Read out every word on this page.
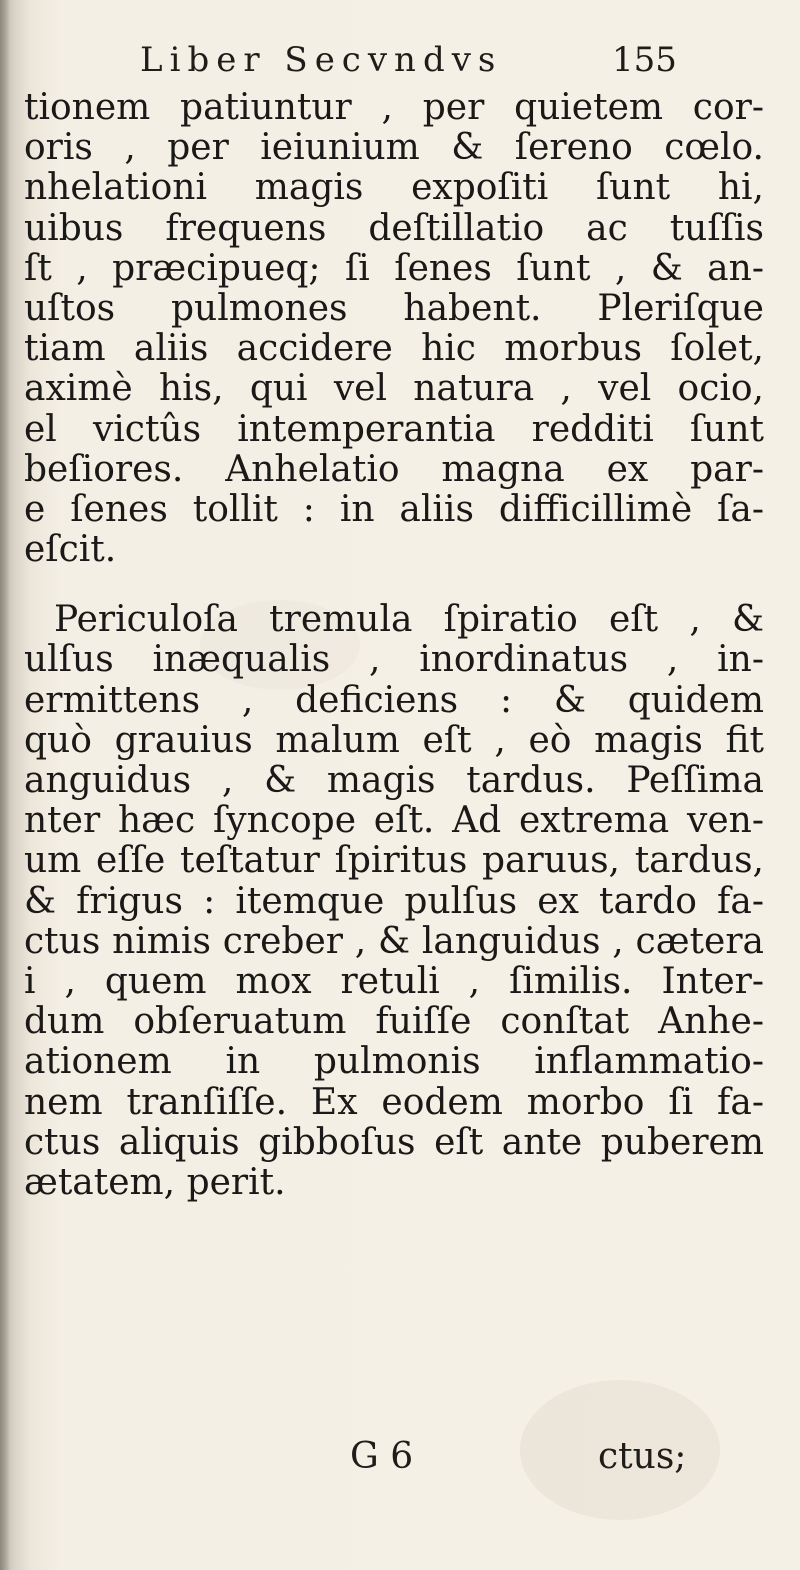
Liber Secvndvs	155
tionem patiuntur , per quietem cor-
oris , per ieiunium & ſereno cœlo.
nhelationi magis expoſiti ſunt hi,
uibus frequens deſtillatio ac tuſſis
ſt , præcipueq; ſi ſenes ſunt , & an-
uſtos pulmones habent. Pleriſque
tiam aliis accidere hic morbus ſolet,
aximè his, qui vel natura , vel ocio,
el victûs intemperantia redditi ſunt
beſiores. Anhelatio magna ex par-
e ſenes tollit : in aliis difficillimè ſa-
eſcit.
Periculoſa tremula ſpiratio eſt , &
ulſus inæqualis , inordinatus , in-
ermittens , deficiens : & quidem
quò grauius malum eſt , eò magis fit
anguidus , & magis tardus. Peſſima
nter hæc ſyncope eſt. Ad extrema ven-
um eſſe teſtatur ſpiritus paruus, tardus,
& frigus : itemque pulſus ex tardo fa-
ctus nimis creber , & languidus , cætera
i , quem mox retuli , ſimilis. Inter-
dum obſeruatum fuiſſe conſtat Anhe-
ationem in pulmonis inflammatio-
nem tranſiſſe. Ex eodem morbo ſi fa-
ctus aliquis gibboſus eſt ante puberem
ætatem, perit.
G 6	ctus;
